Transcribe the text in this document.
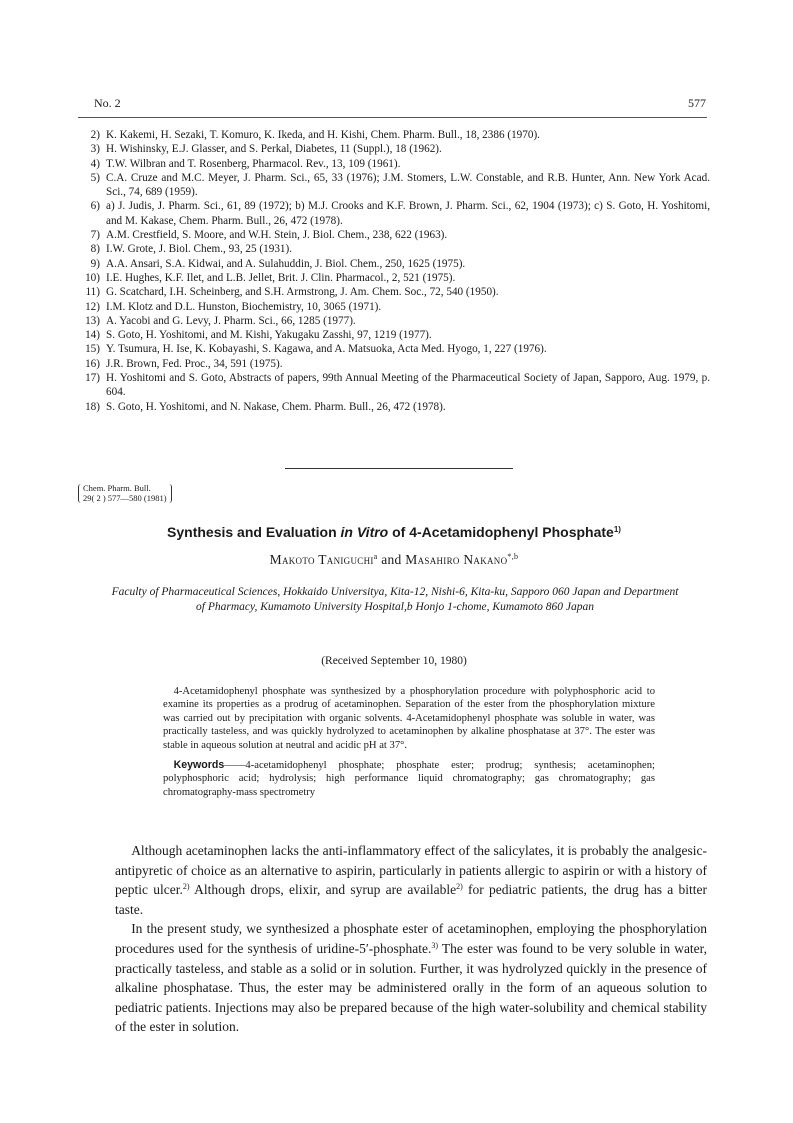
No. 2	577
2) K. Kakemi, H. Sezaki, T. Komuro, K. Ikeda, and H. Kishi, Chem. Pharm. Bull., 18, 2386 (1970).
3) H. Wishinsky, E.J. Glasser, and S. Perkal, Diabetes, 11 (Suppl.), 18 (1962).
4) T.W. Wilbran and T. Rosenberg, Pharmacol. Rev., 13, 109 (1961).
5) C.A. Cruze and M.C. Meyer, J. Pharm. Sci., 65, 33 (1976); J.M. Stomers, L.W. Constable, and R.B. Hunter, Ann. New York Acad. Sci., 74, 689 (1959).
6) a) J. Judis, J. Pharm. Sci., 61, 89 (1972); b) M.J. Crooks and K.F. Brown, J. Pharm. Sci., 62, 1904 (1973); c) S. Goto, H. Yoshitomi, and M. Kakase, Chem. Pharm. Bull., 26, 472 (1978).
7) A.M. Crestfield, S. Moore, and W.H. Stein, J. Biol. Chem., 238, 622 (1963).
8) I.W. Grote, J. Biol. Chem., 93, 25 (1931).
9) A.A. Ansari, S.A. Kidwai, and A. Sulahuddin, J. Biol. Chem., 250, 1625 (1975).
10) I.E. Hughes, K.F. Ilet, and L.B. Jellet, Brit. J. Clin. Pharmacol., 2, 521 (1975).
11) G. Scatchard, I.H. Scheinberg, and S.H. Armstrong, J. Am. Chem. Soc., 72, 540 (1950).
12) I.M. Klotz and D.L. Hunston, Biochemistry, 10, 3065 (1971).
13) A. Yacobi and G. Levy, J. Pharm. Sci., 66, 1285 (1977).
14) S. Goto, H. Yoshitomi, and M. Kishi, Yakugaku Zasshi, 97, 1219 (1977).
15) Y. Tsumura, H. Ise, K. Kobayashi, S. Kagawa, and A. Matsuoka, Acta Med. Hyogo, 1, 227 (1976).
16) J.R. Brown, Fed. Proc., 34, 591 (1975).
17) H. Yoshitomi and S. Goto, Abstracts of papers, 99th Annual Meeting of the Pharmaceutical Society of Japan, Sapporo, Aug. 1979, p. 604.
18) S. Goto, H. Yoshitomi, and N. Nakase, Chem. Pharm. Bull., 26, 472 (1978).
Chem. Pharm. Bull.
29( 2 ) 577—580 (1981)
Synthesis and Evaluation in Vitro of 4-Acetamidophenyl Phosphate$^{1)}$
Makoto Taniguchi$^a$ and Masahiro Nakano$^{*,b}$
Faculty of Pharmaceutical Sciences, Hokkaido Universitya, Kita-12, Nishi-6, Kita-ku, Sapporo 060 Japan and Department of Pharmacy, Kumamoto University Hospital,b Honjo 1-chome, Kumamoto 860 Japan
(Received September 10, 1980)

4-Acetamidophenyl phosphate was synthesized by a phosphorylation procedure with polyphosphoric acid to examine its properties as a prodrug of acetaminophen. Separation of the ester from the phosphorylation mixture was carried out by precipitation with organic solvents. 4-Acetamidophenyl phosphate was soluble in water, was practically tasteless, and was quickly hydrolyzed to acetaminophen by alkaline phosphatase at 37°. The ester was stable in aqueous solution at neutral and acidic pH at 37°.

Keywords——4-acetamidophenyl phosphate; phosphate ester; prodrug; synthesis; acetaminophen; polyphosphoric acid; hydrolysis; high performance liquid chromatography; gas chromatography; gas chromatography-mass spectrometry

Although acetaminophen lacks the anti-inflammatory effect of the salicylates, it is probably the analgesic-antipyretic of choice as an alternative to aspirin, particularly in patients allergic to aspirin or with a history of peptic ulcer.$^{2)}$ Although drops, elixir, and syrup are available$^{2)}$ for pediatric patients, the drug has a bitter taste.

In the present study, we synthesized a phosphate ester of acetaminophen, employing the phosphorylation procedures used for the synthesis of uridine-5′-phosphate.$^{3)}$ The ester was found to be very soluble in water, practically tasteless, and stable as a solid or in solution. Further, it was hydrolyzed quickly in the presence of alkaline phosphatase. Thus, the ester may be administered orally in the form of an aqueous solution to pediatric patients. Injections may also be prepared because of the high water-solubility and chemical stability of the ester in solution.
